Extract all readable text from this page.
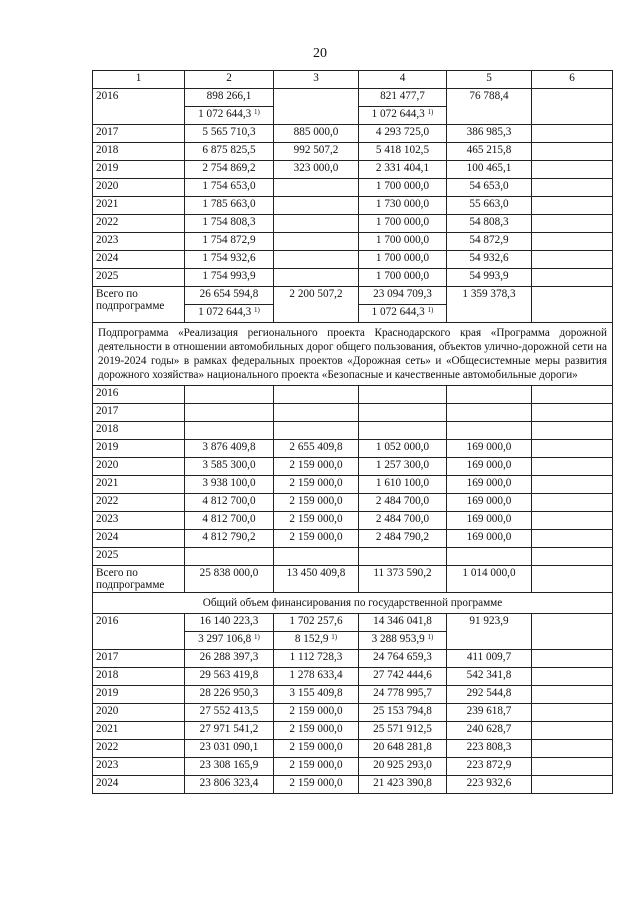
20
1	2	3	4	5	6
2016	898 266,1		821 477,7	76 788,4	
	1 072 644,3 $^{1)}$		1 072 644,3 $^{1)}$
2017	5 565 710,3	885 000,0	4 293 725,0	386 985,3	
2018	6 875 825,5	992 507,2	5 418 102,5	465 215,8	
2019	2 754 869,2	323 000,0	2 331 404,1	100 465,1	
2020	1 754 653,0		1 700 000,0	54 653,0	
2021	1 785 663,0		1 730 000,0	55 663,0	
2022	1 754 808,3		1 700 000,0	54 808,3	
2023	1 754 872,9		1 700 000,0	54 872,9	
2024	1 754 932,6		1 700 000,0	54 932,6	
2025	1 754 993,9		1 700 000,0	54 993,9	
Всего по подпрограмме	26 654 594,8	2 200 507,2	23 094 709,3	1 359 378,3	
	1 072 644,3 $^{1)}$		1 072 644,3 $^{1)}$
Подпрограмма «Реализация регионального проекта Краснодарского края «Программа дорожной деятельности в отношении автомобильных дорог общего пользования, объектов улично-дорожной сети на 2019-2024 годы» в рамках федеральных проектов «Дорожная сеть» и «Общесистемные меры развития дорожного хозяйства» национального проекта «Безопасные и качественные автомобильные дороги»					
2016					
2017					
2018					
2019	3 876 409,8	2 655 409,8	1 052 000,0	169 000,0	
2020	3 585 300,0	2 159 000,0	1 257 300,0	169 000,0	
2021	3 938 100,0	2 159 000,0	1 610 100,0	169 000,0	
2022	4 812 700,0	2 159 000,0	2 484 700,0	169 000,0	
2023	4 812 700,0	2 159 000,0	2 484 700,0	169 000,0	
2024	4 812 790,2	2 159 000,0	2 484 790,2	169 000,0	
2025					
Всего по подпрограмме	25 838 000,0	13 450 409,8	11 373 590,2	1 014 000,0	
Общий объем финансирования по государственной программе					
2016	16 140 223,3	1 702 257,6	14 346 041,8	91 923,9	
	3 297 106,8 $^{1)}$	8 152,9 $^{1)}$	3 288 953,9 $^{1)}$
2017	26 288 397,3	1 112 728,3	24 764 659,3	411 009,7	
2018	29 563 419,8	1 278 633,4	27 742 444,6	542 341,8	
2019	28 226 950,3	3 155 409,8	24 778 995,7	292 544,8	
2020	27 552 413,5	2 159 000,0	25 153 794,8	239 618,7	
2021	27 971 541,2	2 159 000,0	25 571 912,5	240 628,7	
2022	23 031 090,1	2 159 000,0	20 648 281,8	223 808,3	
2023	23 308 165,9	2 159 000,0	20 925 293,0	223 872,9	
2024	23 806 323,4	2 159 000,0	21 423 390,8	223 932,6	
